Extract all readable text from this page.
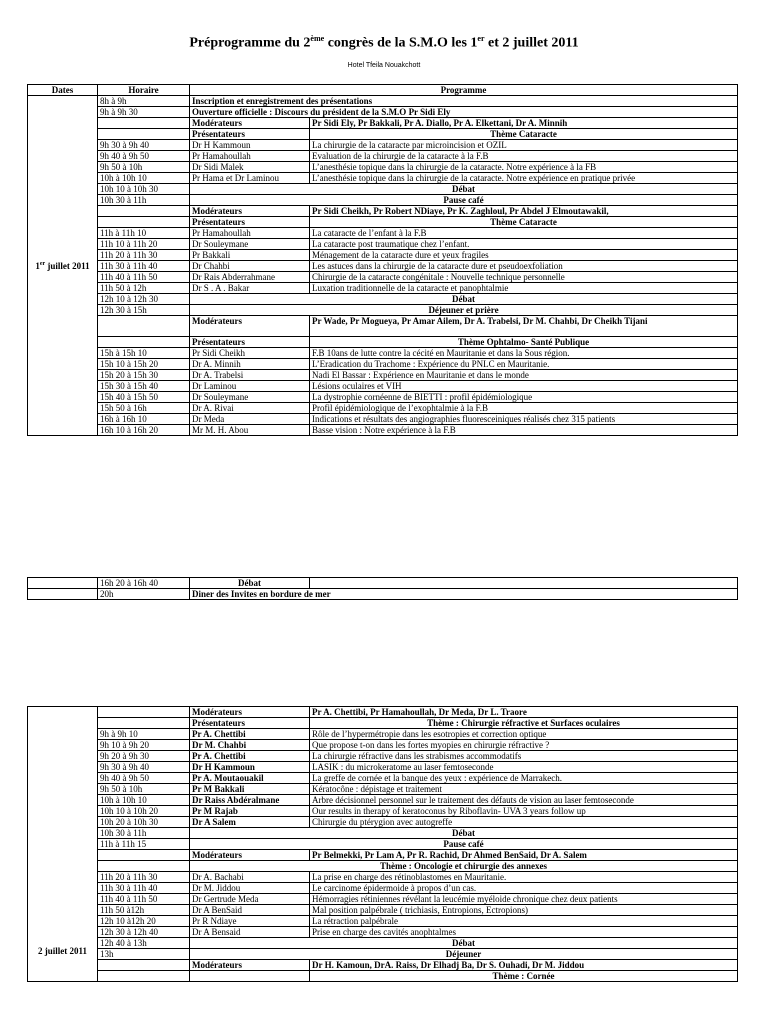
Préprogramme du 2ème congrès de la S.M.O les 1er et 2 juillet 2011
Hotel Tfeila Nouakchott
Dates	Horaire	Programme	
1er juillet 2011	8h à 9h	Inscription et enregistrement des présentations	
	9h à 9h 30	Ouverture officielle : Discours du président de la S.M.O Pr Sidi Ely	
		Modérateurs	Pr Sidi Ely, Pr Bakkali, Pr A. Diallo, Pr A. Elkettani, Dr A. Minnih
		Présentateurs	Thème Cataracte
	9h 30 à 9h 40	Dr H Kammoun	La chirurgie de la cataracte par microincision et OZIL
	9h 40 à 9h 50	Pr Hamahoullah	Evaluation de la chirurgie de la cataracte à la F.B
	9h 50 à 10h	Dr Sidi Malek	L’anesthésie topique dans la chirurgie de la cataracte. Notre expérience à la FB
	10h à 10h 10	Pr Hama et Dr Laminou	L’anesthésie topique dans la chirurgie de la cataracte. Notre expérience en pratique privée
	10h 10 à 10h 30	Débat	
	10h 30 à 11h	Pause café	
		Modérateurs	Pr Sidi Cheikh, Pr Robert NDiaye, Pr K. Zaghloul, Pr Abdel J Elmoutawakil,
		Présentateurs	Thème Cataracte
	11h à 11h 10	Pr Hamahoullah	La cataracte de l’enfant à la F.B
	11h 10 à 11h 20	Dr Souleymane	La cataracte post traumatique chez l’enfant.
	11h 20 à 11h 30	Pr Bakkali	Ménagement de la cataracte dure et yeux fragiles
	11h 30 à 11h 40	Dr Chahbi	Les astuces dans la chirurgie de la cataracte dure et pseudoexfoliation
	11h 40 à 11h 50	Dr Rais Abderrahmane	Chirurgie de la cataracte congénitale : Nouvelle technique personnelle
	11h 50 à 12h	Dr S . A . Bakar	Luxation traditionnelle de la cataracte et panophtalmie
	12h 10 à 12h 30	Débat	
	12h 30 à 15h	Déjeuner et prière	
		Modérateurs	Pr Wade, Pr Mogueya, Pr Amar Ailem, Dr A. Trabelsi, Dr M. Chahbi, Dr Cheikh Tijani
		Présentateurs	Thème Ophtalmo- Santé Publique
	15h à 15h 10	Pr Sidi Cheikh	F.B 10ans de lutte contre la cécité en Mauritanie et dans la Sous région.
	15h 10 à 15h 20	Dr A. Minnih	L’Eradication du Trachome : Expérience du PNLC en Mauritanie.
	15h 20 à 15h 30	Dr A. Trabelsi	Nadi El Bassar : Expérience en Mauritanie et dans le monde
	15h 30 à 15h 40	Dr Laminou	Lésions oculaires et VIH
	15h 40 à 15h 50	Dr Souleymane	La dystrophie cornéenne de BIETTI : profil épidémiologique
	15h 50 à 16h	Dr A. Rivai	Profil épidémiologique de l’exophtalmie à la F.B
	16h à 16h 10	Dr Meda	Indications et résultats des angiographies fluoresceiniques réalisés chez 315 patients
	16h 10 à 16h 20	Mr M. H. Abou	Basse vision : Notre expérience à la F.B
	16h 20 à 16h 40	Débat	
	20h	Diner des Invites en bordure de mer	
2 juillet 2011		Modérateurs	Pr A. Chettibi, Pr Hamahoullah, Dr Meda, Dr L. Traore
		Présentateurs	Thème : Chirurgie réfractive et Surfaces oculaires
	9h à 9h 10	Pr A. Chettibi	Rôle de l’hypermétropie dans les esotropies et correction optique
	9h 10 à 9h 20	Dr M. Chahbi	Que propose t-on dans les fortes myopies en chirurgie réfractive ?
	9h 20 à 9h 30	Pr A. Chettibi	La chirurgie réfractive dans les strabismes accommodatifs
	9h 30 à 9h 40	Dr H Kammoun	LASIK : du microkeratome au laser femtoseconde
	9h 40 à 9h 50	Pr A. Moutaouakil	La greffe de cornée et la banque des yeux : expérience de Marrakech.
	9h 50 à 10h	Pr M Bakkali	Kératocône : dépistage et traitement
	10h à 10h 10	Dr Raiss Abdéralmane	Arbre décisionnel personnel sur le traitement des défauts de vision au laser femtoseconde
	10h 10 à 10h 20	Pr M Rajab	Our results in therapy of keratoconus by Riboflavin- UVA 3 years follow up
	10h 20 à 10h 30	Dr A Salem	Chirurgie du ptérygion avec autogreffe
	10h 30 à 11h	Débat	
	11h à 11h 15	Pause café	
		Modérateurs	Pr Belmekki, Pr Lam A, Pr R. Rachid, Dr Ahmed BenSaid, Dr A. Salem
		Thème : Oncologie et chirurgie des annexes	
	11h 20 à 11h 30	Dr A. Bachabi	La prise en charge des rétinoblastomes en Mauritanie.
	11h 30 à 11h 40	Dr M. Jiddou	Le carcinome épidermoide à propos d’un cas.
	11h 40 à 11h 50	Dr Gertrude Meda	Hémorragies rétiniennes révélant la leucémie myéloide chronique chez deux patients
	11h 50 à12h	Dr A BenSaid	Mal position palpébrale ( trichiasis, Entropions, Ectropions)
	12h 10 à12h 20	Pr R Ndiaye	La rétraction palpébrale
	12h 30 à 12h 40	Dr A Bensaid	Prise en charge des cavités anophtalmes
	12h 40 à 13h	Débat	
	13h	Déjeuner	
		Modérateurs	Dr H. Kamoun, DrA. Raiss, Dr Elhadj Ba, Dr S. Ouhadi, Dr M. Jiddou
			Thème : Cornée
